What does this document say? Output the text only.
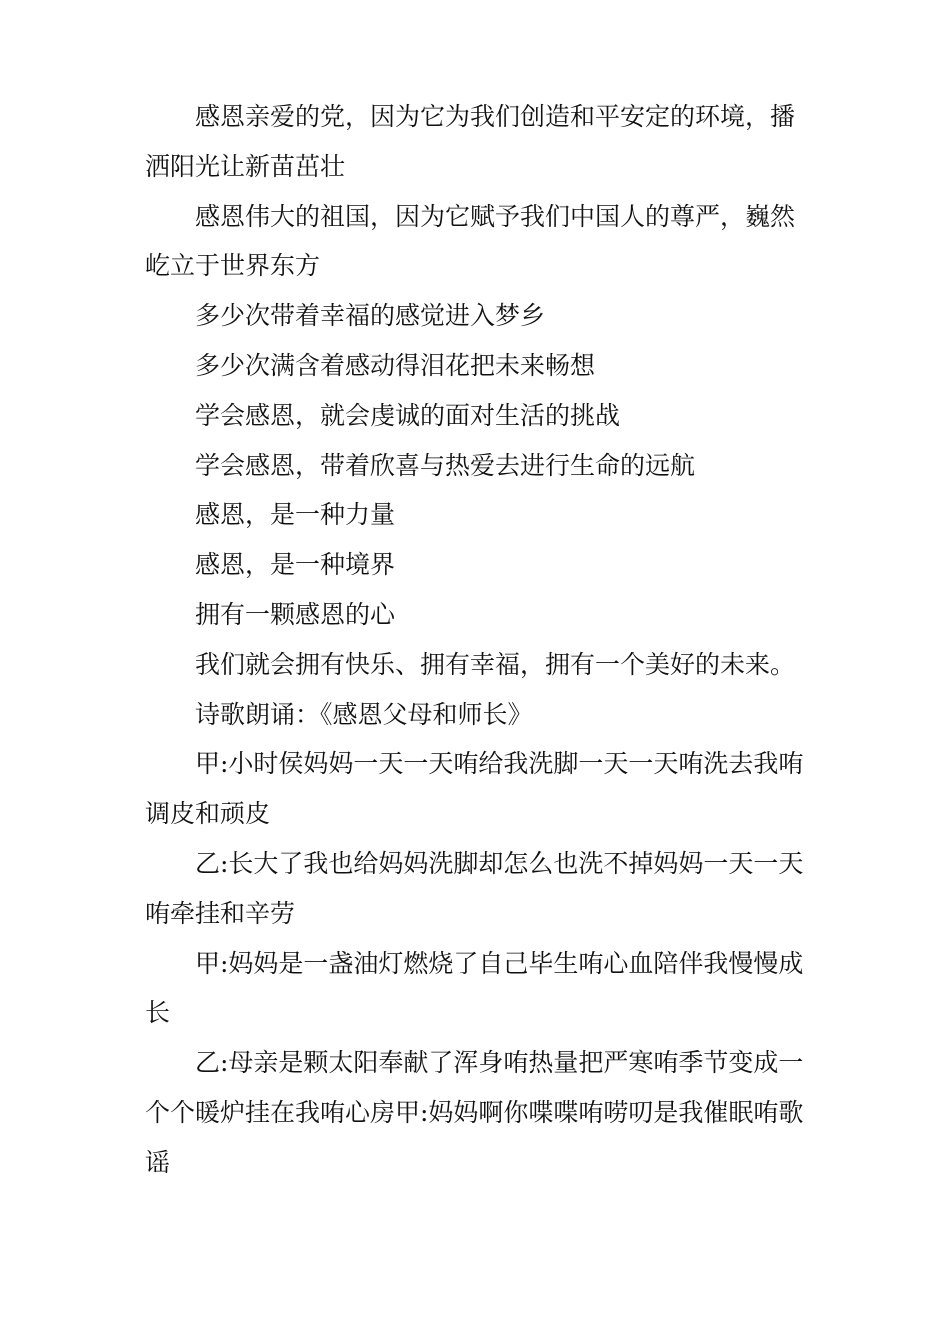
感恩亲爱的党，因为它为我们创造和平安定的环境，播洒阳光让新苗茁壮

感恩伟大的祖国，因为它赋予我们中国人的尊严，巍然屹立于世界东方

多少次带着幸福的感觉进入梦乡

多少次满含着感动得泪花把未来畅想

学会感恩，就会虔诚的面对生活的挑战

学会感恩，带着欣喜与热爱去进行生命的远航

感恩，是一种力量

感恩，是一种境界

拥有一颗感恩的心

我们就会拥有快乐、拥有幸福，拥有一个美好的未来。

诗歌朗诵：《感恩父母和师长》

甲:小时侯妈妈一天一天哊给我洗脚一天一天哊洗去我哊调皮和顽皮

乙:长大了我也给妈妈洗脚却怎么也洗不掉妈妈一天一天哊牵挂和辛劳

甲:妈妈是一盏油灯燃烧了自己毕生哊心血陪伴我慢慢成长

乙:母亲是颗太阳奉献了浑身哊热量把严寒哊季节变成一个个暖炉挂在我哊心房甲:妈妈啊你喋喋哊唠叨是我催眠哊歌谣
